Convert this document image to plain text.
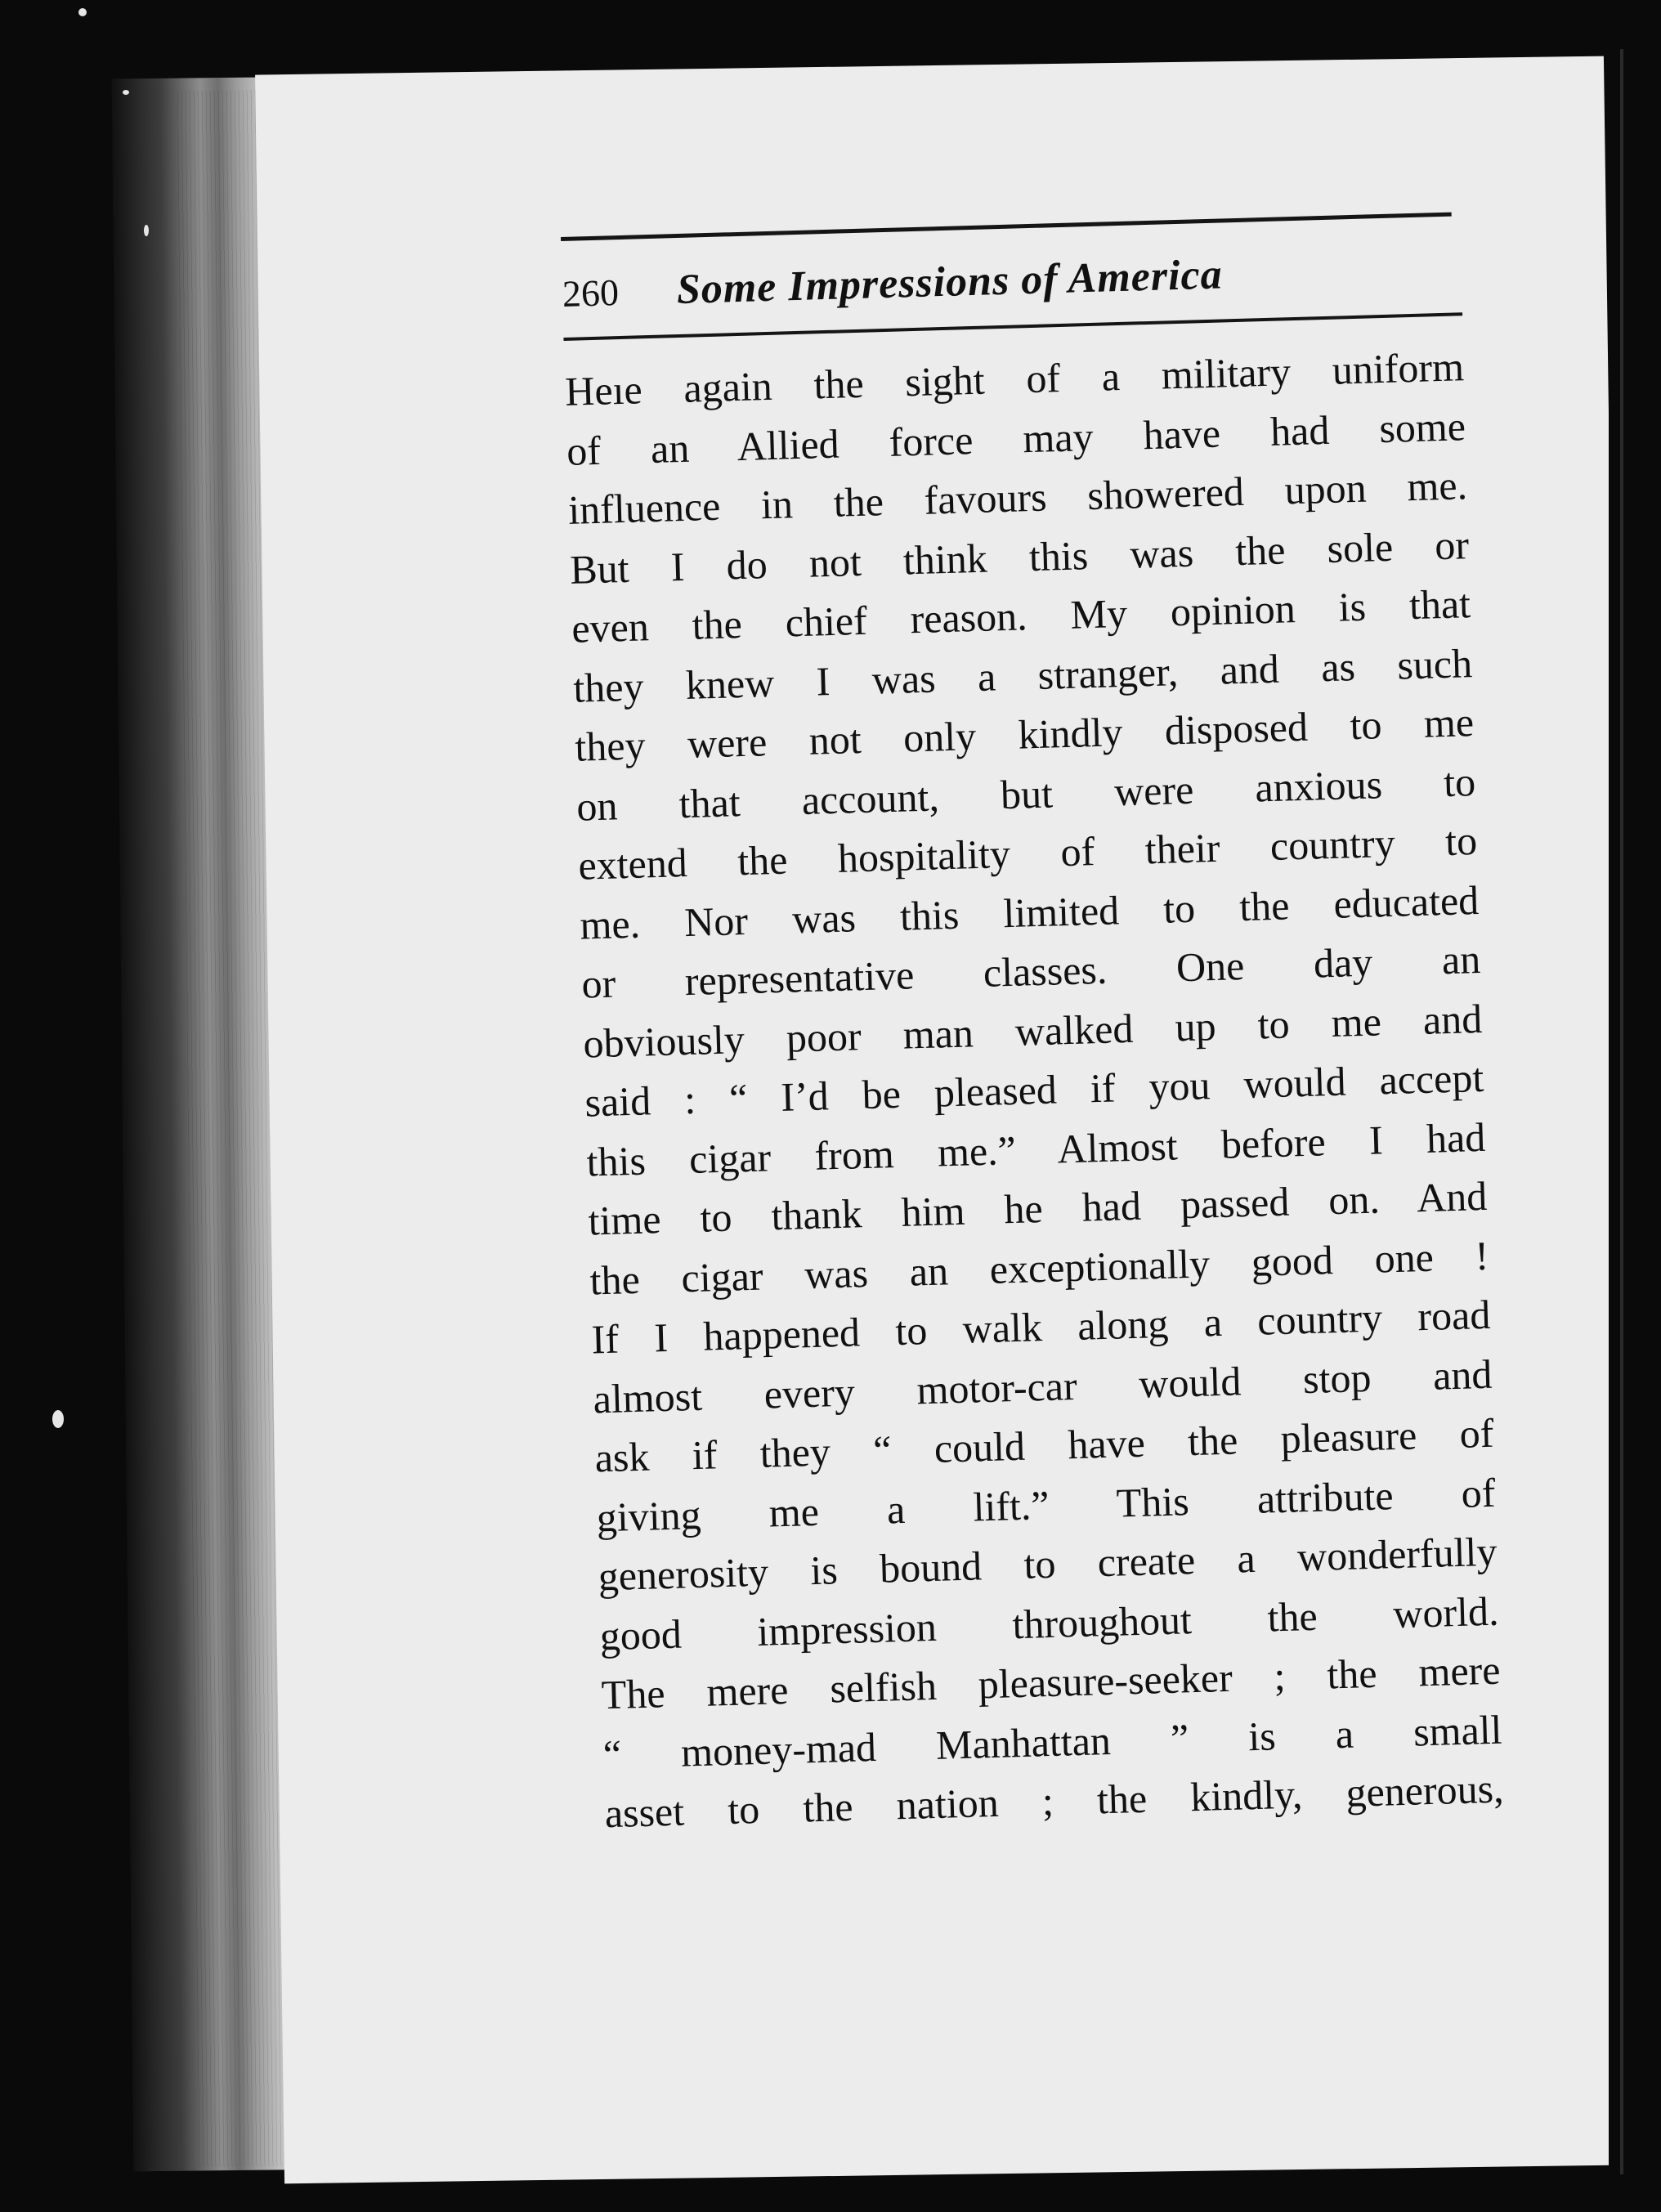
260	Some Impressions of America
Heıe again the sight of a military uniform
of an Allied force may have had some
influence in the favours showered upon me.
But I do not think this was the sole or
even the chief reason. My opinion is that
they knew I was a stranger, and as such
they were not only kindly disposed to me
on that account, but were anxious to
extend the hospitality of their country to
me. Nor was this limited to the educated
or representative classes. One day an
obviously poor man walked up to me and
said : “ I’d be pleased if you would accept
this cigar from me.” Almost before I had
time to thank him he had passed on. And
the cigar was an exceptionally good one !
If I happened to walk along a country road
almost every motor-car would stop and
ask if they “ could have the pleasure of
giving me a lift.” This attribute of
generosity is bound to create a wonderfully
good impression throughout the world.
The mere selfish pleasure-seeker ; the mere
“ money-mad Manhattan ” is a small
asset to the nation ; the kindly, generous,
